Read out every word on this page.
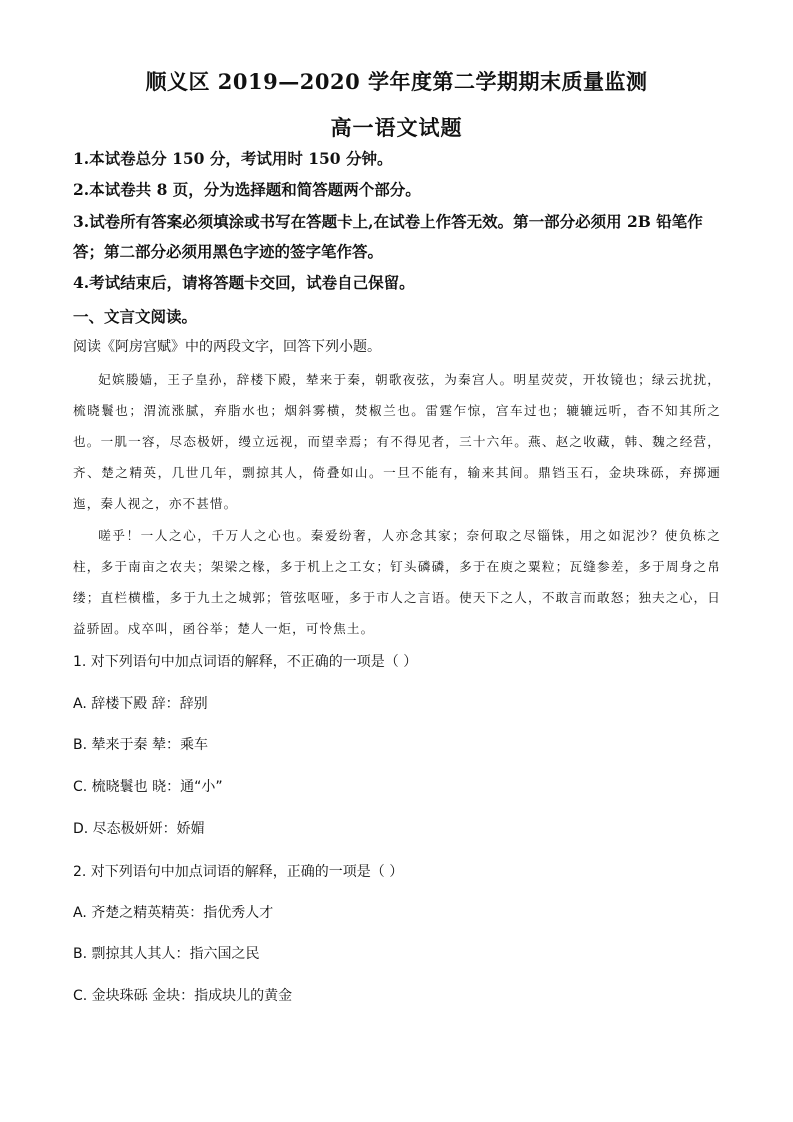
顺义区 2019—2020 学年度第二学期期末质量监测
高一语文试题

1.本试卷总分 150 分，考试用时 150 分钟。

2.本试卷共 8 页，分为选择题和简答题两个部分。

3.试卷所有答案必须填涂或书写在答题卡上,在试卷上作答无效。第一部分必须用 2B 铅笔作答；第二部分必须用黑色字迹的签字笔作答。

4.考试结束后，请将答题卡交回，试卷自己保留。

一、文言文阅读。
阅读《阿房宫赋》中的两段文字，回答下列小题。

妃嫔媵嫱，王子皇孙，辞楼下殿，辇来于秦，朝歌夜弦，为秦宫人。明星荧荧，开妆镜也；绿云扰扰，梳晓鬟也；渭流涨腻，弃脂水也；烟斜雾横，焚椒兰也。雷霆乍惊，宫车过也；辘辘远听，杳不知其所之也。一肌一容，尽态极妍，缦立远视，而望幸焉；有不得见者，三十六年。燕、赵之收藏，韩、魏之经营，齐、楚之精英，几世几年，剽掠其人，倚叠如山。一旦不能有，输来其间。鼎铛玉石，金块珠砾，弃掷逦迤，秦人视之，亦不甚惜。

嗟乎！一人之心，千万人之心也。秦爱纷奢，人亦念其家；奈何取之尽锱铢，用之如泥沙？使负栋之柱，多于南亩之农夫；架梁之椽，多于机上之工女；钉头磷磷，多于在庾之粟粒；瓦缝参差，多于周身之帛缕；直栏横槛，多于九土之城郭；管弦呕哑，多于市人之言语。使天下之人，不敢言而敢怒；独夫之心，日益骄固。戍卒叫，函谷举；楚人一炬，可怜焦土。

1. 对下列语句中加点词语的解释，不正确的一项是（ ）
A. 辞楼下殿 辞：辞别
B. 辇来于秦 辇：乘车
C. 梳晓鬟也 晓：通“小”
D. 尽态极妍妍：娇媚
2. 对下列语句中加点词语的解释，正确的一项是（ ）
A. 齐楚之精英精英：指优秀人才
B. 剽掠其人其人：指六国之民
C. 金块珠砾 金块：指成块儿的黄金
